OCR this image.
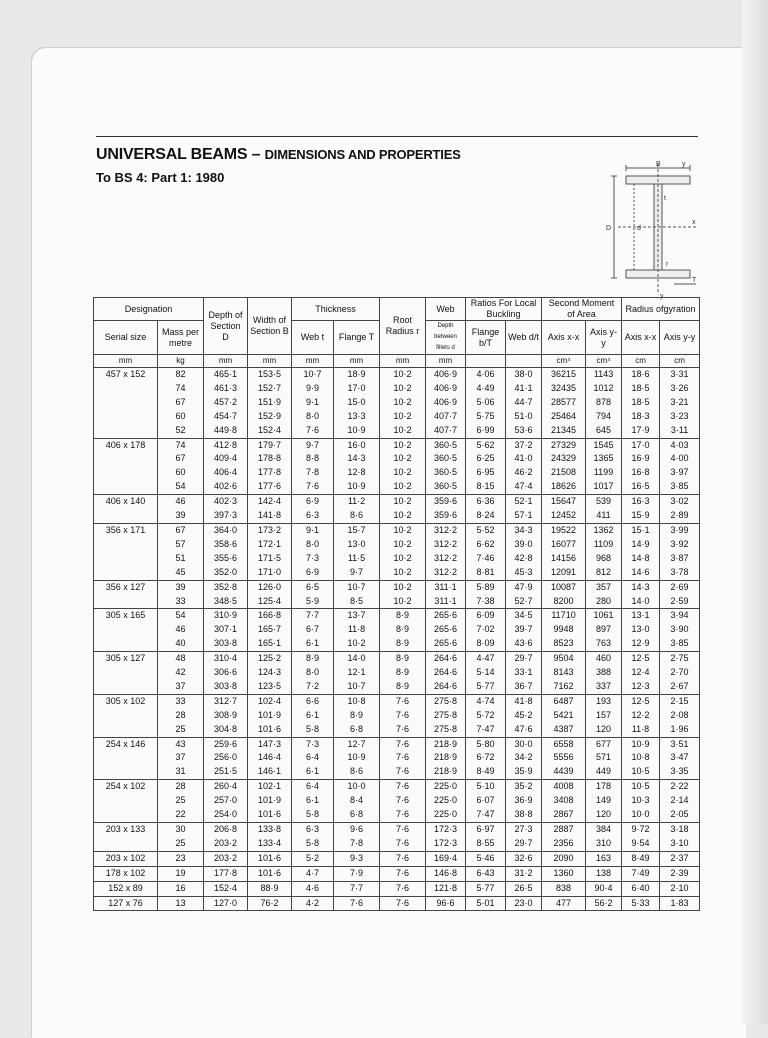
UNIVERSAL BEAMS – DIMENSIONS AND PROPERTIES
To BS 4: Part 1: 1980
B	y
D	d
t
x
T
r
y
Designation		Depth of Section D	Width of Section B	Thickness		Root Radius r	Web	Ratios For Local Buckling		Second Moment of Area		Radius ofgyration	
Serial size	Mass per metre			Web t	Flange T		Depth between fillets d	Flange b/T	Web d/t	Axis x-x	Axis y-y	Axis x-x	Axis y-y
mm	kg	mm	mm	mm	mm	mm	mm			cm⁴	cm⁴	cm	cm
457 x 152	82	465·1	153·5	10·7	18·9	10·2	406·9	4·06	38·0	36215	1143	18·6	3·31
	74	461·3	152·7	9·9	17·0	10·2	406·9	4·49	41·1	32435	1012	18·5	3·26
	67	457·2	151·9	9·1	15·0	10·2	406·9	5·06	44·7	28577	878	18·5	3·21
	60	454·7	152·9	8·0	13·3	10·2	407·7	5·75	51·0	25464	794	18·3	3·23
	52	449·8	152·4	7·6	10·9	10·2	407·7	6·99	53·6	21345	645	17·9	3·11
406 x 178	74	412·8	179·7	9·7	16·0	10·2	360·5	5·62	37·2	27329	1545	17·0	4·03
	67	409·4	178·8	8·8	14·3	10·2	360·5	6·25	41·0	24329	1365	16·9	4·00
	60	406·4	177·8	7·8	12·8	10·2	360·5	6·95	46·2	21508	1199	16·8	3·97
	54	402·6	177·6	7·6	10·9	10·2	360·5	8·15	47·4	18626	1017	16·5	3·85
406 x 140	46	402·3	142·4	6·9	11·2	10·2	359·6	6·36	52·1	15647	539	16·3	3·02
	39	397·3	141·8	6·3	8·6	10·2	359·6	8·24	57·1	12452	411	15·9	2·89
356 x 171	67	364·0	173·2	9·1	15·7	10·2	312·2	5·52	34·3	19522	1362	15·1	3·99
	57	358·6	172·1	8·0	13·0	10·2	312·2	6·62	39·0	16077	1109	14·9	3·92
	51	355·6	171·5	7·3	11·5	10·2	312·2	7·46	42·8	14156	968	14·8	3·87
	45	352·0	171·0	6·9	9·7	10·2	312·2	8·81	45·3	12091	812	14·6	3·78
356 x 127	39	352·8	126·0	6·5	10·7	10·2	311·1	5·89	47·9	10087	357	14·3	2·69
	33	348·5	125·4	5·9	8·5	10·2	311·1	7·38	52·7	8200	280	14·0	2·59
305 x 165	54	310·9	166·8	7·7	13·7	8·9	265·6	6·09	34·5	11710	1061	13·1	3·94
	46	307·1	165·7	6·7	11·8	8·9	265·6	7·02	39·7	9948	897	13·0	3·90
	40	303·8	165·1	6·1	10·2	8·9	265·6	8·09	43·6	8523	763	12·9	3·85
305 x 127	48	310·4	125·2	8·9	14·0	8·9	264·6	4·47	29·7	9504	460	12·5	2·75
	42	306·6	124·3	8·0	12·1	8·9	264·6	5·14	33·1	8143	388	12·4	2·70
	37	303·8	123·5	7·2	10·7	8·9	264·6	5·77	36·7	7162	337	12·3	2·67
305 x 102	33	312·7	102·4	6·6	10·8	7·6	275·8	4·74	41·8	6487	193	12·5	2·15
	28	308·9	101·9	6·1	8·9	7·6	275·8	5·72	45·2	5421	157	12·2	2·08
	25	304·8	101·6	5·8	6·8	7·6	275·8	7·47	47·6	4387	120	11·8	1·96
254 x 146	43	259·6	147·3	7·3	12·7	7·6	218·9	5·80	30·0	6558	677	10·9	3·51
	37	256·0	146·4	6·4	10·9	7·6	218·9	6·72	34·2	5556	571	10·8	3·47
	31	251·5	146·1	6·1	8·6	7·6	218·9	8·49	35·9	4439	449	10·5	3·35
254 x 102	28	260·4	102·1	6·4	10·0	7·6	225·0	5·10	35·2	4008	178	10·5	2·22
	25	257·0	101·9	6·1	8·4	7·6	225·0	6·07	36·9	3408	149	10·3	2·14
	22	254·0	101·6	5·8	6·8	7·6	225·0	7·47	38·8	2867	120	10·0	2·05
203 x 133	30	206·8	133·8	6·3	9·6	7·6	172·3	6·97	27·3	2887	384	9·72	3·18
	25	203·2	133·4	5·8	7·8	7·6	172·3	8·55	29·7	2356	310	9·54	3·10
203 x 102	23	203·2	101·6	5·2	9·3	7·6	169·4	5·46	32·6	2090	163	8·49	2·37
178 x 102	19	177·8	101·6	4·7	7·9	7·6	146·8	6·43	31·2	1360	138	7·49	2·39
152 x 89	16	152·4	88·9	4·6	7·7	7·6	121·8	5·77	26·5	838	90·4	6·40	2·10
127 x 76	13	127·0	76·2	4·2	7·6	7·6	96·6	5·01	23·0	477	56·2	5·33	1·83
